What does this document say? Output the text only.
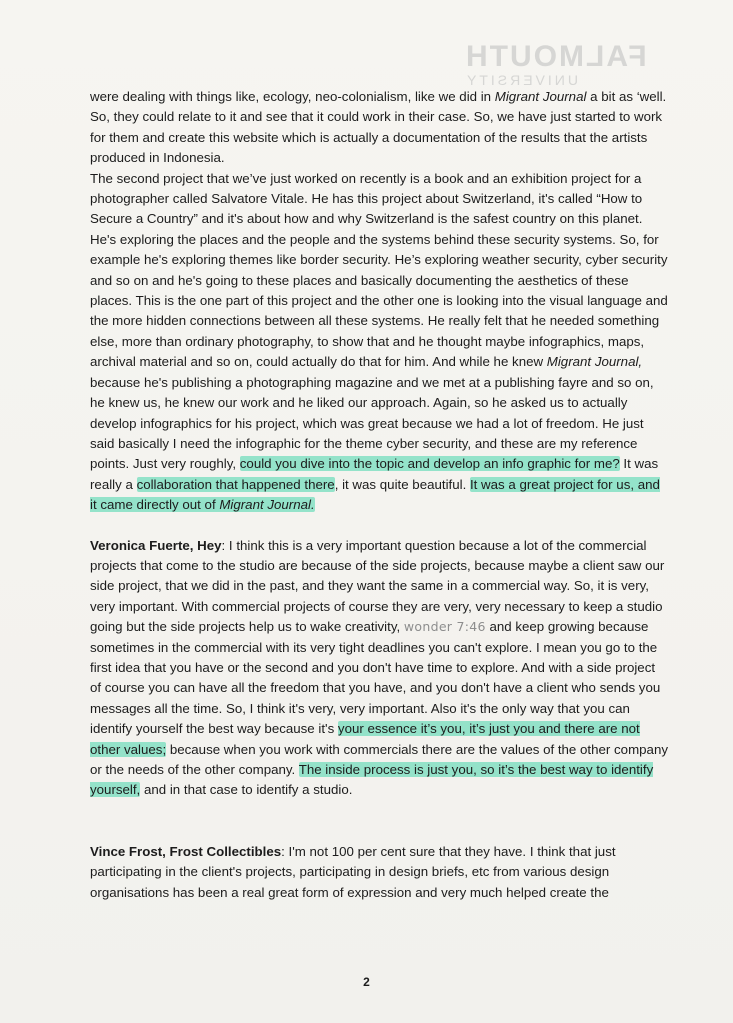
FALMOUTH
UNIVERSITY

were dealing with things like, ecology, neo-colonialism, like we did in Migrant Journal a bit as ‘well. So, they could relate to it and see that it could work in their case. So, we have just started to work for them and create this website which is actually a documentation of the results that the artists produced in Indonesia.

The second project that we’ve just worked on recently is a book and an exhibition project for a photographer called Salvatore Vitale. He has this project about Switzerland, it's called “How to Secure a Country” and it's about how and why Switzerland is the safest country on this planet. He's exploring the places and the people and the systems behind these security systems. So, for example he's exploring themes like border security. He’s exploring weather security, cyber security and so on and he's going to these places and basically documenting the aesthetics of these places. This is the one part of this project and the other one is looking into the visual language and the more hidden connections between all these systems. He really felt that he needed something else, more than ordinary photography, to show that and he thought maybe infographics, maps, archival material and so on, could actually do that for him. And while he knew Migrant Journal, because he's publishing a photographing magazine and we met at a publishing fayre and so on, he knew us, he knew our work and he liked our approach. Again, so he asked us to actually develop infographics for his project, which was great because we had a lot of freedom. He just said basically I need the infographic for the theme cyber security, and these are my reference points. Just very roughly, could you dive into the topic and develop an info graphic for me? It was really a collaboration that happened there, it was quite beautiful. It was a great project for us, and it came directly out of Migrant Journal.

Veronica Fuerte, Hey: I think this is a very important question because a lot of the commercial projects that come to the studio are because of the side projects, because maybe a client saw our side project, that we did in the past, and they want the same in a commercial way. So, it is very, very important. With commercial projects of course they are very, very necessary to keep a studio going but the side projects help us to wake creativity, wonder 7:46 and keep growing because sometimes in the commercial with its very tight deadlines you can't explore. I mean you go to the first idea that you have or the second and you don't have time to explore. And with a side project of course you can have all the freedom that you have, and you don't have a client who sends you messages all the time. So, I think it's very, very important. Also it's the only way that you can identify yourself the best way because it's your essence it’s you, it’s just you and there are not other values; because when you work with commercials there are the values of the other company or the needs of the other company. The inside process is just you, so it’s the best way to identify yourself, and in that case to identify a studio.

Vince Frost, Frost Collectibles: I'm not 100 per cent sure that they have. I think that just participating in the client's projects, participating in design briefs, etc from various design organisations has been a real great form of expression and very much helped create the

2
